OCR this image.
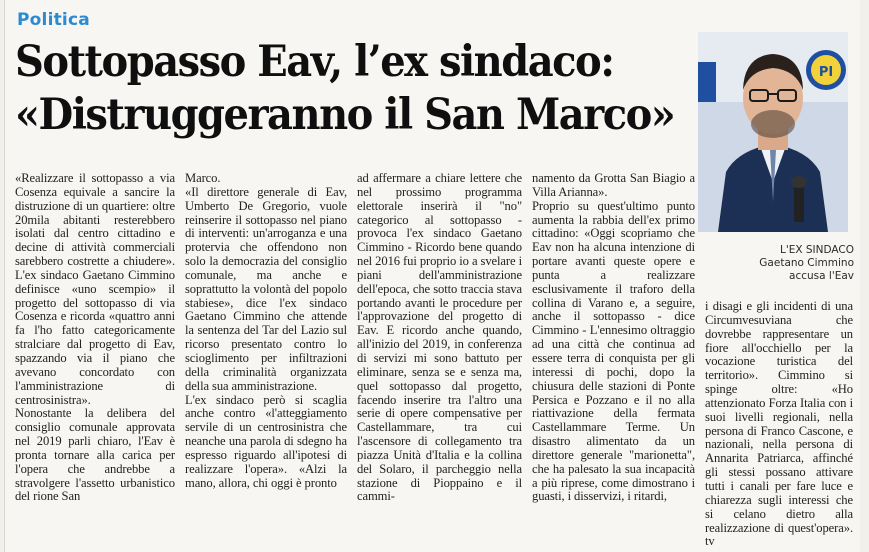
Politica
Sottopasso Eav, l’ex sindaco:
«Distruggeranno il San Marco»
PI
L'EX SINDACO
Gaetano Cimmino
accusa l'Eav

«Realizzare il sottopasso a via Cosenza equivale a sancire la distruzione di un quartiere: oltre 20mila abitanti resterebbero isolati dal centro cittadino e decine di attività commerciali sarebbero costrette a chiudere». L'ex sindaco Gaetano Cimmino definisce «uno scempio» il progetto del sottopasso di via Cosenza e ricorda «quattro anni fa l'ho fatto categoricamente stralciare dal progetto di Eav, spazzando via il piano che avevano concordato con l'amministrazione di centrosinistra».

Nonostante la delibera del consiglio comunale approvata nel 2019 parli chiaro, l'Eav è pronta tornare alla carica per l'opera che andrebbe a stravolgere l'assetto urbanistico del rione San

Marco.

«Il direttore generale di Eav, Umberto De Gregorio, vuole reinserire il sottopasso nel piano di interventi: un'arroganza e una protervia che offendono non solo la democrazia del consiglio comunale, ma anche e soprattutto la volontà del popolo stabiese», dice l'ex sindaco Gaetano Cimmino che attende la sentenza del Tar del Lazio sul ricorso presentato contro lo scioglimento per infiltrazioni della criminalità organizzata della sua amministrazione.

L'ex sindaco però si scaglia anche contro «l'atteggiamento servile di un centrosinistra che neanche una parola di sdegno ha espresso riguardo all'ipotesi di realizzare l'opera». «Alzi la mano, allora, chi oggi è pronto

ad affermare a chiare lettere che nel prossimo programma elettorale inserirà il "no" categorico al sottopasso - provoca l'ex sindaco Gaetano Cimmino - Ricordo bene quando nel 2016 fui proprio io a svelare i piani dell'amministrazione dell'epoca, che sotto traccia stava portando avanti le procedure per l'approvazione del progetto di Eav. E ricordo anche quando, all'inizio del 2019, in conferenza di servizi mi sono battuto per eliminare, senza se e senza ma, quel sottopasso dal progetto, facendo inserire tra l'altro una serie di opere compensative per Castellammare, tra cui l'ascensore di collegamento tra piazza Unità d'Italia e la collina del Solaro, il parcheggio nella stazione di Pioppaino e il cammi-

namento da Grotta San Biagio a Villa Arianna».

Proprio su quest'ultimo punto aumenta la rabbia dell'ex primo cittadino: «Oggi scopriamo che Eav non ha alcuna intenzione di portare avanti queste opere e punta a realizzare esclusivamente il traforo della collina di Varano e, a seguire, anche il sottopasso - dice Cimmino - L'ennesimo oltraggio ad una città che continua ad essere terra di conquista per gli interessi di pochi, dopo la chiusura delle stazioni di Ponte Persica e Pozzano e il no alla riattivazione della fermata Castellammare Terme. Un disastro alimentato da un direttore generale "marionetta", che ha palesato la sua incapacità a più riprese, come dimostrano i guasti, i disservizi, i ritardi,

i disagi e gli incidenti di una Circumvesuviana che dovrebbe rappresentare un fiore all'occhiello per la vocazione turistica del territorio». Cimmino si spinge oltre: «Ho attenzionato Forza Italia con i suoi livelli regionali, nella persona di Franco Cascone, e nazionali, nella persona di Annarita Patriarca, affinché gli stessi possano attivare tutti i canali per fare luce e chiarezza sugli interessi che si celano dietro alla realizzazione di quest'opera». tv
